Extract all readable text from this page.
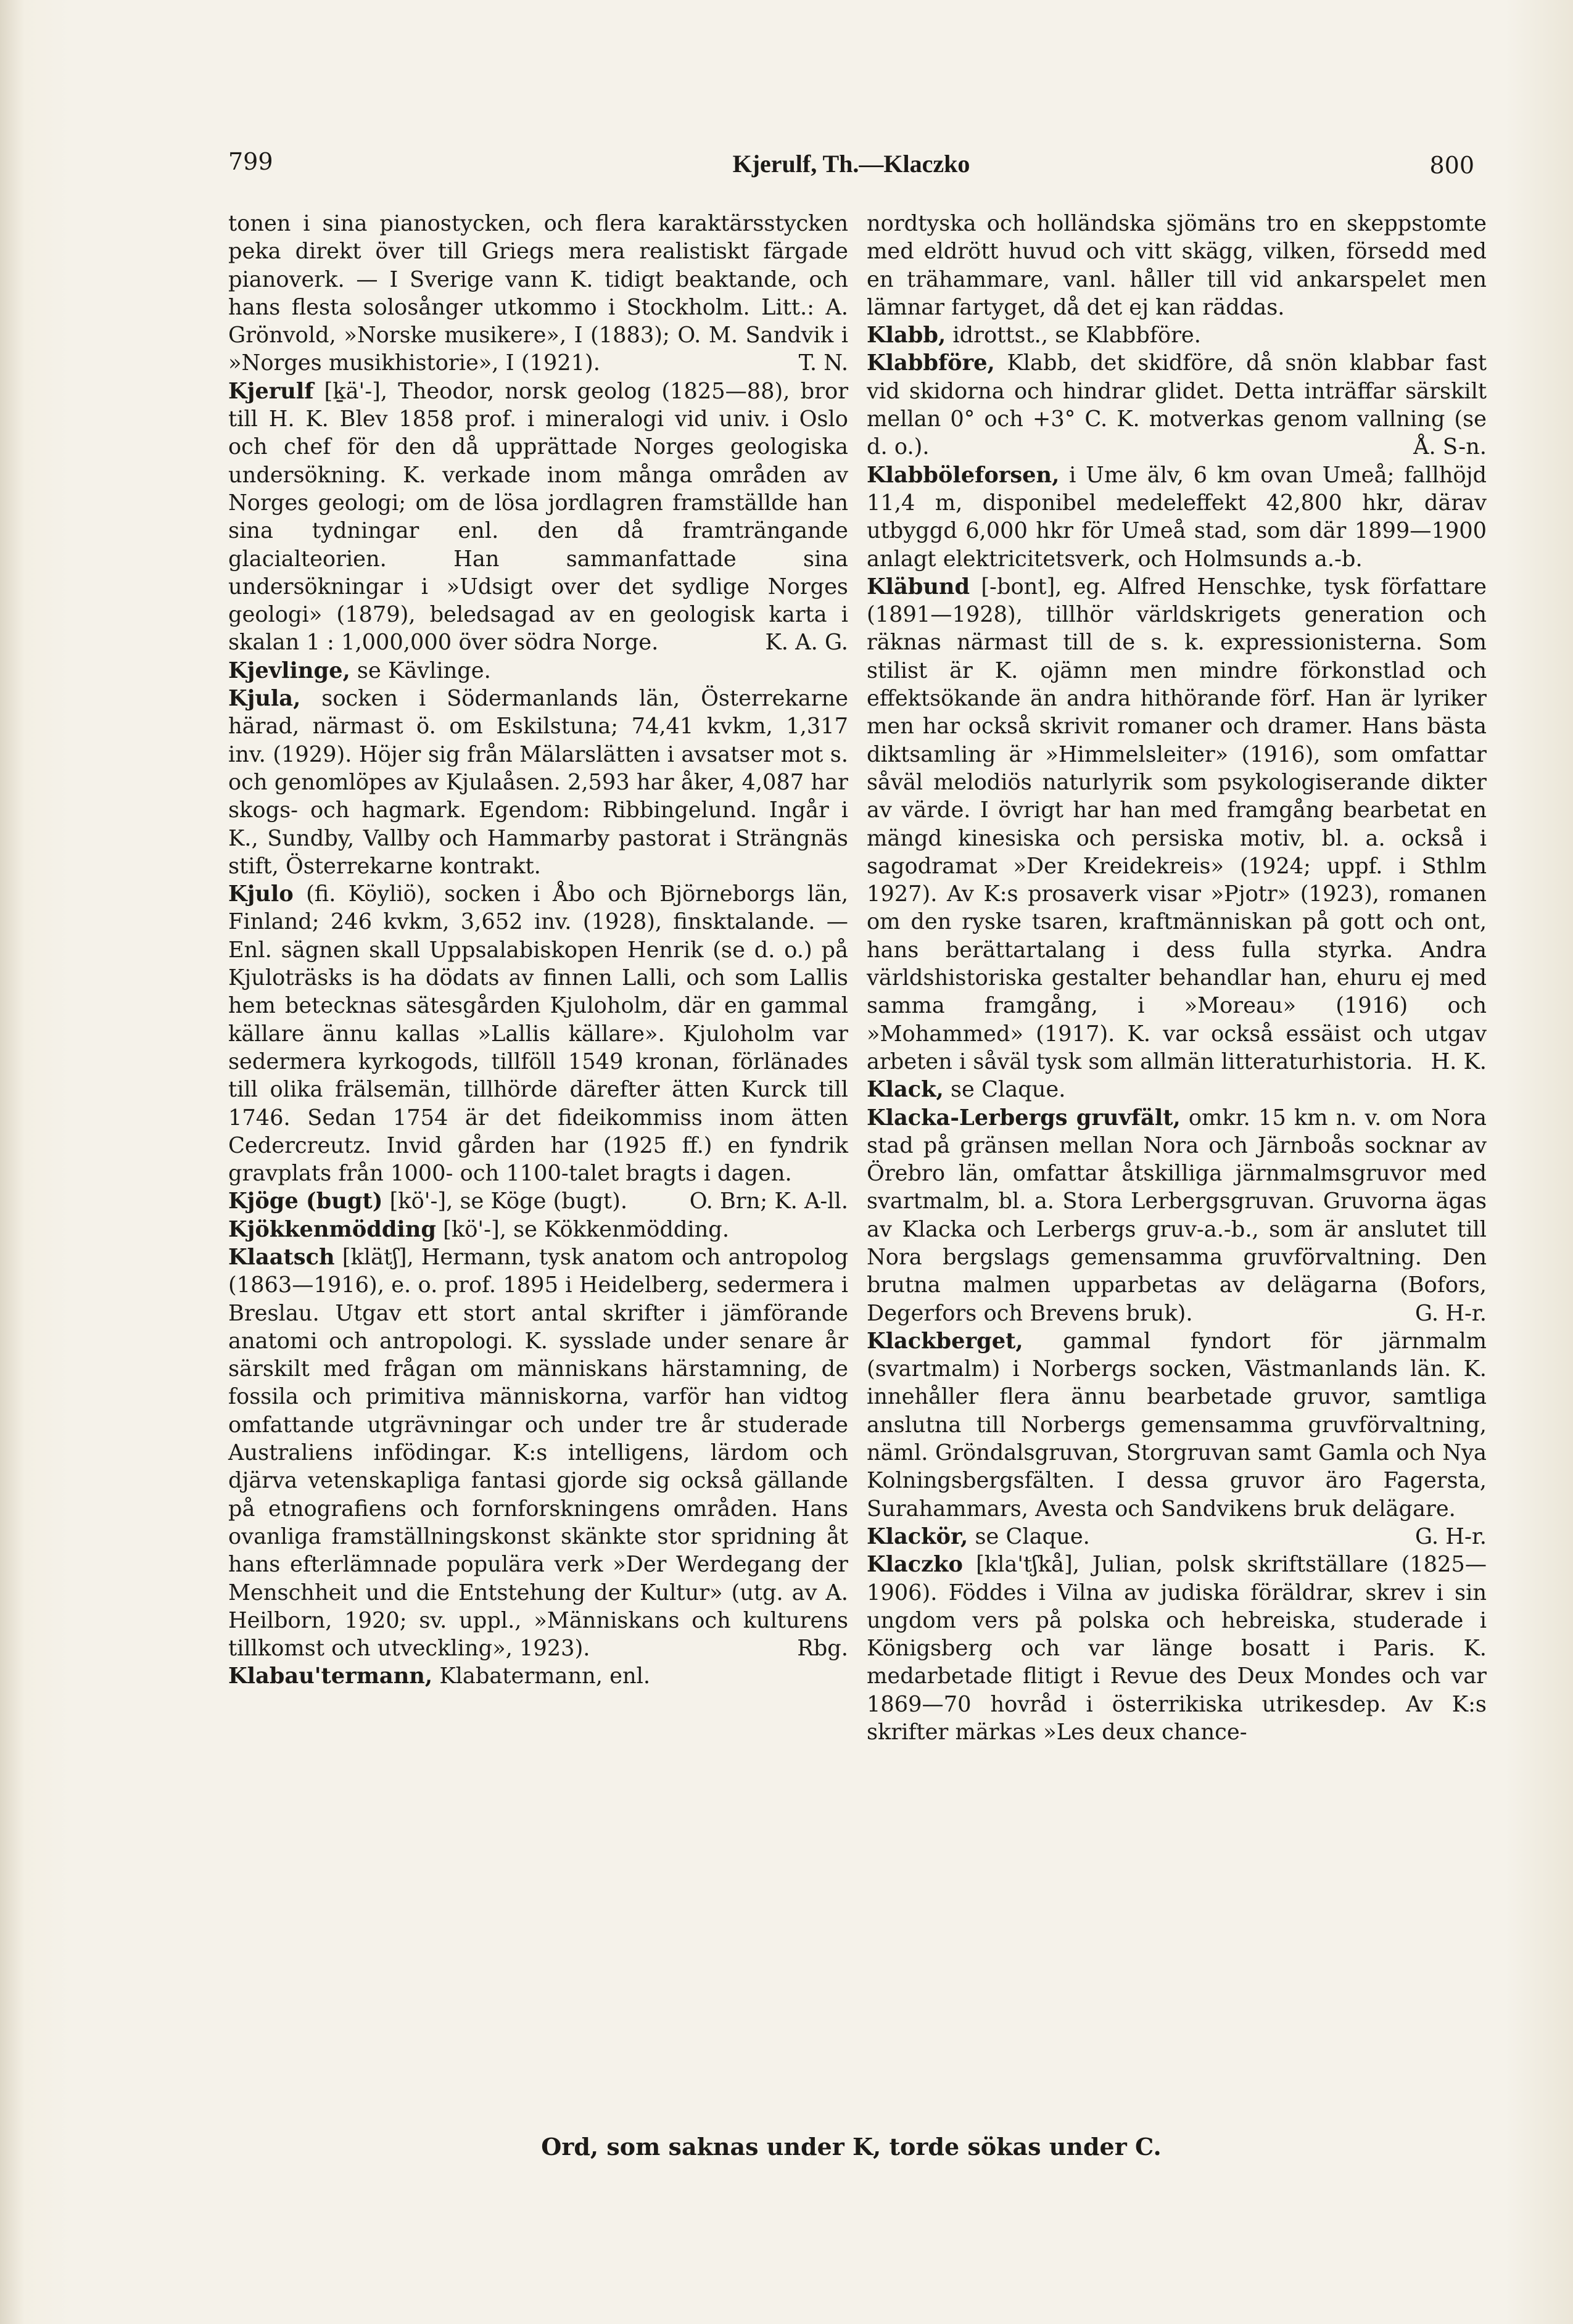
799	Kjerulf, Th.—Klaczko	800

tonen i sina pianostycken, och flera karaktärsstycken peka direkt över till Griegs mera realistiskt färgade pianoverk. — I Sverige vann K. tidigt beaktande, och hans flesta solosånger utkommo i Stockholm. Litt.: A. Grönvold, »Norske musikere», I (1883); O. M. Sandvik i »Norges musikhistorie», I (1921).	T. N.

Kjerulf [ḵä'-], Theodor, norsk geolog (1825—88), bror till H. K. Blev 1858 prof. i mineralogi vid univ. i Oslo och chef för den då upprättade Norges geologiska undersökning. K. verkade inom många områden av Norges geologi; om de lösa jordlagren framställde han sina tydningar enl. den då framträngande glacialteorien. Han sammanfattade sina undersökningar i »Udsigt over det sydlige Norges geologi» (1879), beledsagad av en geologisk karta i skalan 1 : 1,000,000 över södra Norge.	K. A. G.

Kjevlinge, se Kävlinge.

Kjula, socken i Södermanlands län, Österrekarne härad, närmast ö. om Eskilstuna; 74,41 kvkm, 1,317 inv. (1929). Höjer sig från Mälarslätten i avsatser mot s. och genomlöpes av Kjulaåsen. 2,593 har åker, 4,087 har skogs- och hagmark. Egendom: Ribbingelund. Ingår i K., Sundby, Vallby och Hammarby pastorat i Strängnäs stift, Österrekarne kontrakt.

Kjulo (fi. Köyliö), socken i Åbo och Björneborgs län, Finland; 246 kvkm, 3,652 inv. (1928), finsktalande. — Enl. sägnen skall Uppsalabiskopen Henrik (se d. o.) på Kjuloträsks is ha dödats av finnen Lalli, och som Lallis hem betecknas sätesgården Kjuloholm, där en gammal källare ännu kallas »Lallis källare». Kjuloholm var sedermera kyrkogods, tillföll 1549 kronan, förlänades till olika frälsemän, tillhörde därefter ätten Kurck till 1746. Sedan 1754 är det fideikommiss inom ätten Cedercreutz. Invid gården har (1925 ff.) en fyndrik gravplats från 1000- och 1100-talet bragts i dagen.
O. Brn; K. A-ll.

Kjöge (bugt) [kö'-], se Köge (bugt).

Kjökkenmödding [kö'-], se Kökkenmödding.

Klaatsch [klätʃ], Hermann, tysk anatom och antropolog (1863—1916), e. o. prof. 1895 i Heidelberg, sedermera i Breslau. Utgav ett stort antal skrifter i jämförande anatomi och antropologi. K. sysslade under senare år särskilt med frågan om människans härstamning, de fossila och primitiva människorna, varför han vidtog omfattande utgrävningar och under tre år studerade Australiens infödingar. K:s intelligens, lärdom och djärva vetenskapliga fantasi gjorde sig också gällande på etnografiens och fornforskningens områden. Hans ovanliga framställningskonst skänkte stor spridning åt hans efterlämnade populära verk »Der Werdegang der Menschheit und die Entstehung der Kultur» (utg. av A. Heilborn, 1920; sv. uppl., »Människans och kulturens tillkomst och utveckling», 1923).	Rbg.

Klabau'termann, Klabatermann, enl.

nordtyska och holländska sjömäns tro en skeppstomte med eldrött huvud och vitt skägg, vilken, försedd med en trähammare, vanl. håller till vid ankarspelet men lämnar fartyget, då det ej kan räddas.

Klabb, idrottst., se Klabbföre.

Klabbföre, Klabb, det skidföre, då snön klabbar fast vid skidorna och hindrar glidet. Detta inträffar särskilt mellan 0° och +3° C. K. motverkas genom vallning (se d. o.).	Å. S-n.

Klabbölefors​en, i Ume älv, 6 km ovan Umeå; fallhöjd 11,4 m, disponibel medeleffekt 42,800 hkr, därav utbyggd 6,000 hkr för Umeå stad, som där 1899—1900 anlagt elektricitetsverk, och Holmsunds a.-b.

Kläbund [-bont], eg. Alfred Henschke, tysk författare (1891—1928), tillhör världskrigets generation och räknas närmast till de s. k. expressionisterna. Som stilist är K. ojämn men mindre förkonstlad och effektsökande än andra hithörande förf. Han är lyriker men har också skrivit romaner och dramer. Hans bästa diktsamling är »Himmelsleiter» (1916), som omfattar såväl melodiös naturlyrik som psykologiserande dikter av värde. I övrigt har han med framgång bearbetat en mängd kinesiska och persiska motiv, bl. a. också i sagodramat »Der Kreidekreis» (1924; uppf. i Sthlm 1927). Av K:s prosaverk visar »Pjotr» (1923), romanen om den ryske tsaren, kraftmänniskan på gott och ont, hans berättartalang i dess fulla styrka. Andra världshistoriska gestalter behandlar han, ehuru ej med samma framgång, i »Moreau» (1916) och »Mohammed» (1917). K. var också essäist och utgav arbeten i såväl tysk som allmän litteraturhistoria. H. K.

Klack, se Claque.

Klacka-Lerbergs gruvfält, omkr. 15 km n. v. om Nora stad på gränsen mellan Nora och Järnboås socknar av Örebro län, omfattar åtskilliga järnmalmsgruvor med svartmalm, bl. a. Stora Lerbergsgruvan. Gruvorna ägas av Klacka och Lerbergs gruv-a.-b., som är anslutet till Nora bergslags gemensamma gruvförvaltning. Den brutna malmen upparbetas av delägarna (Bofors, Degerfors och Brevens bruk).	G. H-r.

Klackberget, gammal fyndort för järnmalm (svartmalm) i Norbergs socken, Västmanlands län. K. innehåller flera ännu bearbetade gruvor, samtliga anslutna till Norbergs gemensamma gruvförvaltning, näml. Gröndalsgruvan, Storgruvan samt Gamla och Nya Kolningsbergsfälten. I dessa gruvor äro Fagersta, Surahammars, Avesta och Sandvikens bruk delägare.
G. H-r.

Klackör, se Claque.

Klaczko [kla'tʃkå], Julian, polsk skriftställare (1825—1906). Föddes i Vilna av judiska föräldrar, skrev i sin ungdom vers på polska och hebreiska, studerade i Königsberg och var länge bosatt i Paris. K. medarbetade flitigt i Revue des Deux Mondes och var 1869—70 hovråd i österrikiska utrikesdep. Av K:s skrifter märkas »Les deux chance-

Ord, som saknas under K, torde sökas under C.
